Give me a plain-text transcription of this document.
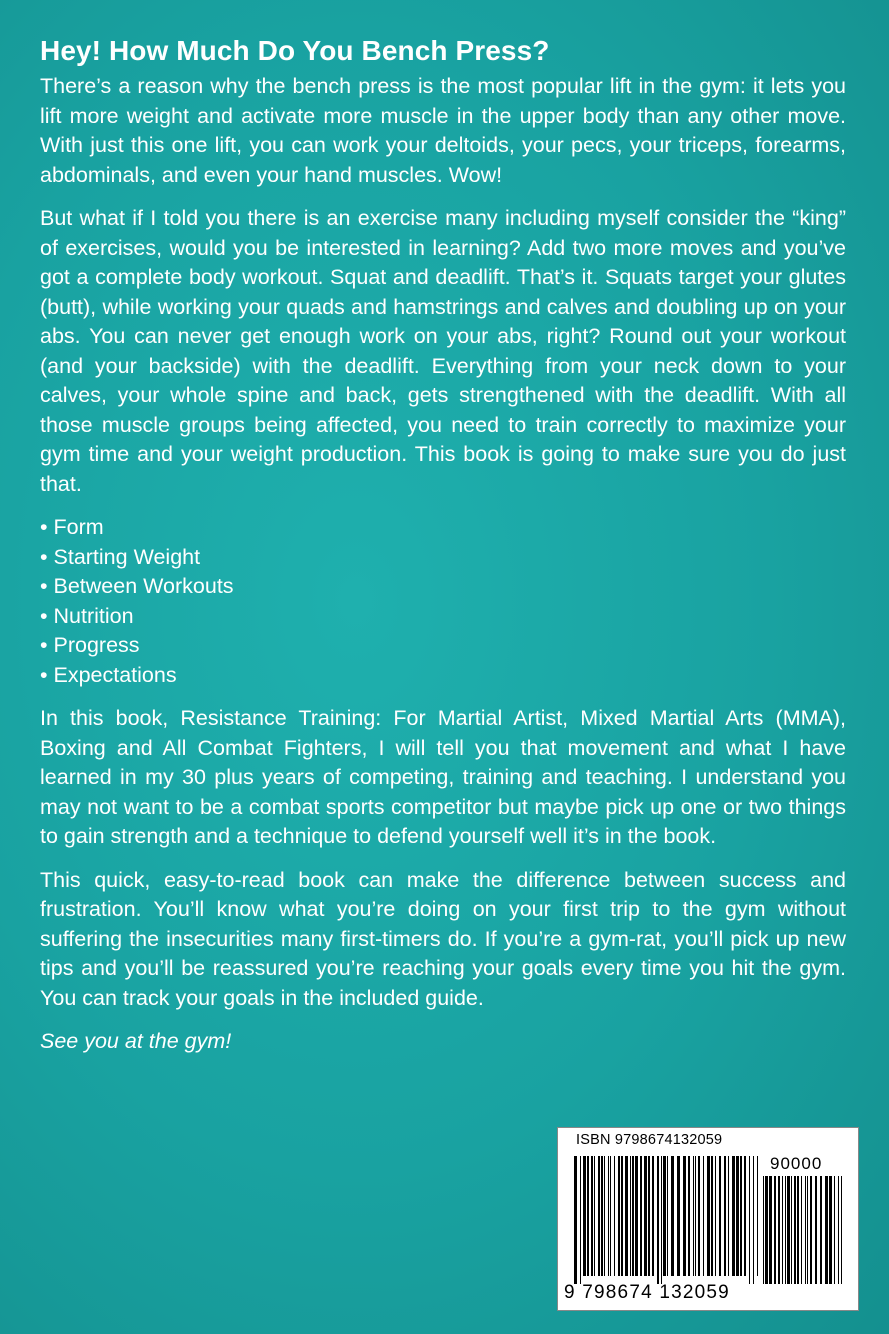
Hey! How Much Do You Bench Press?

There’s a reason why the bench press is the most popular lift in the gym: it lets you lift more weight and activate more muscle in the upper body than any other move. With just this one lift, you can work your deltoids, your pecs, your triceps, forearms, abdominals, and even your hand muscles. Wow!

But what if I told you there is an exercise many including myself consider the “king” of exercises, would you be interested in learning? Add two more moves and you’ve got a complete body workout. Squat and deadlift. That’s it. Squats target your glutes (butt), while working your quads and hamstrings and calves and doubling up on your abs. You can never get enough work on your abs, right? Round out your workout (and your backside) with the deadlift. Everything from your neck down to your calves, your whole spine and back, gets strengthened with the deadlift. With all those muscle groups being affected, you need to train correctly to maximize your gym time and your weight production. This book is going to make sure you do just that.

• Form
• Starting Weight
• Between Workouts
• Nutrition
• Progress
• Expectations

In this book, Resistance Training: For Martial Artist, Mixed Martial Arts (MMA), Boxing and All Combat Fighters, I will tell you that movement and what I have learned in my 30 plus years of competing, training and teaching. I understand you may not want to be a combat sports competitor but maybe pick up one or two things to gain strength and a technique to defend yourself well it’s in the book.

This quick, easy-to-read book can make the difference between success and frustration. You’ll know what you’re doing on your first trip to the gym without suffering the insecurities many first-timers do. If you’re a gym-rat, you’ll pick up new tips and you’ll be reassured you’re reaching your goals every time you hit the gym. You can track your goals in the included guide.

See you at the gym!

ISBN 9798674132059
90000
9 798674 132059
